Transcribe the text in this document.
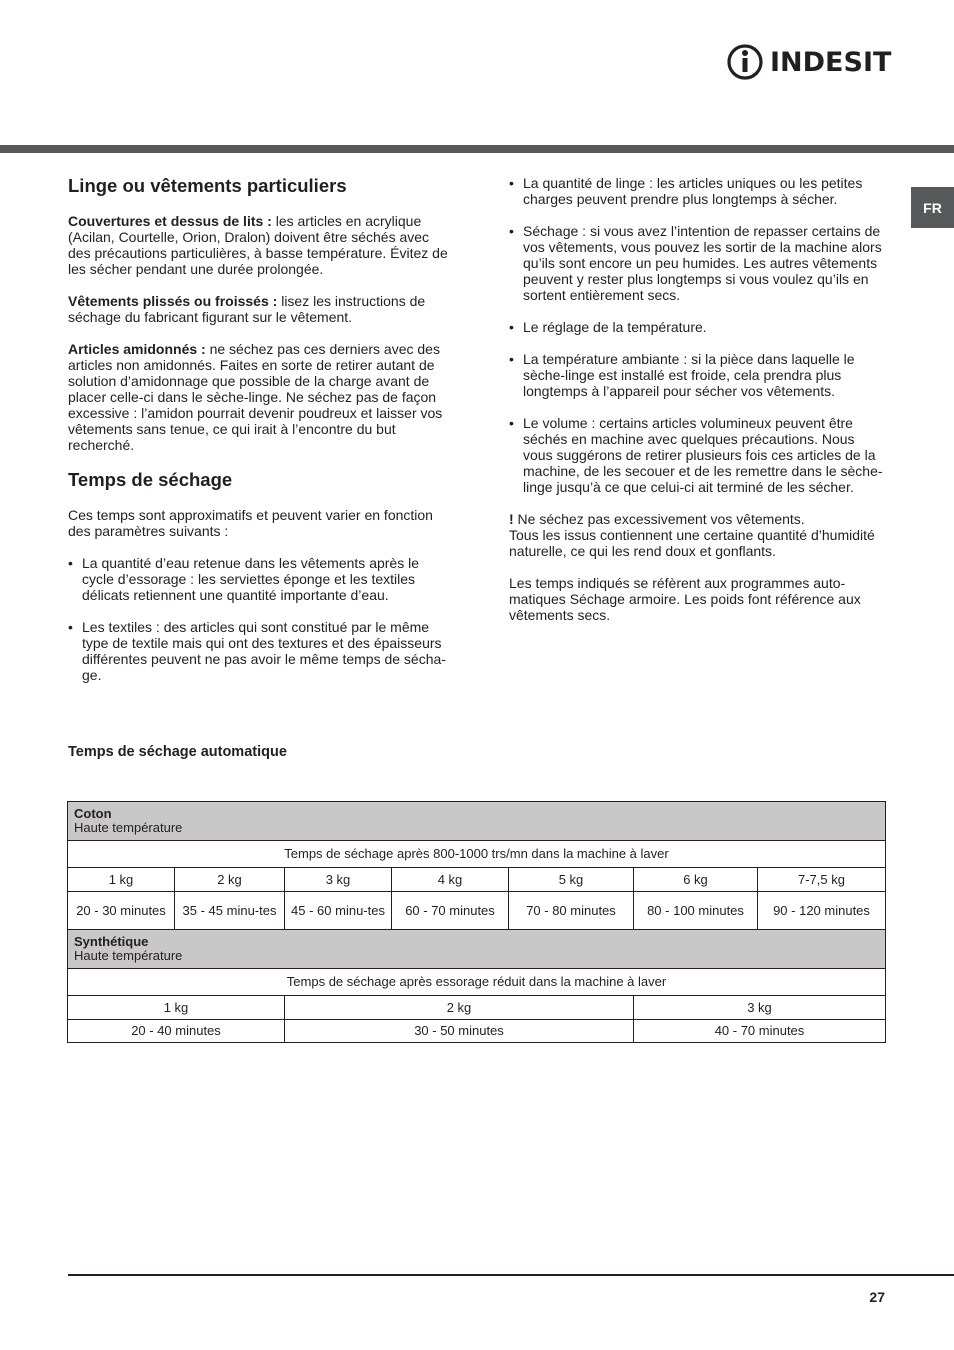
INDESIT
FR
Linge ou vêtements particuliers

Couvertures et dessus de lits : les articles en acrylique (Acilan, Courtelle, Orion, Dralon) doivent être séchés avec des précautions particulières, à basse température. Évitez de les sécher pendant une durée prolongée.

Vêtements plissés ou froissés : lisez les instructions de séchage du fabricant figurant sur le vêtement.

Articles amidonnés : ne séchez pas ces derniers avec des articles non amidonnés. Faites en sorte de retirer autant de solution d’amidonnage que possible de la charge avant de placer celle-ci dans le sèche-linge. Ne séchez pas de façon excessive : l’amidon pourrait devenir poudreux et laisser vos vêtements sans tenue, ce qui irait à l’encontre du but recherché.

Temps de séchage

Ces temps sont approximatifs et peuvent varier en fonction des paramètres suivants :

• La quantité d’eau retenue dans les vêtements après le cycle d’essorage : les serviettes éponge et les textiles délicats retiennent une quantité importante d’eau.
• Les textiles : des articles qui sont constitué par le même type de textile mais qui ont des textures et des épaisseurs différentes peuvent ne pas avoir le même temps de sécha-ge.
• La quantité de linge : les articles uniques ou les petites charges peuvent prendre plus longtemps à sécher.
• Séchage : si vous avez l’intention de repasser certains de vos vêtements, vous pouvez les sortir de la machine alors qu’ils sont encore un peu humides. Les autres vêtements peuvent y rester plus longtemps si vous voulez qu’ils en sortent entièrement secs.
• Le réglage de la température.
• La température ambiante : si la pièce dans laquelle le sèche-linge est installé est froide, cela prendra plus longtemps à l’appareil pour sécher vos vêtements.
• Le volume : certains articles volumineux peuvent être séchés en machine avec quelques précautions. Nous vous suggérons de retirer plusieurs fois ces articles de la machine, de les secouer et de les remettre dans le sèche-linge jusqu’à ce que celui-ci ait terminé de les sécher.

! Ne séchez pas excessivement vos vêtements.
Tous les issus contiennent une certaine quantité d’humidité naturelle, ce qui les rend doux et gonflants.

Les temps indiqués se réfèrent aux programmes auto-matiques Séchage armoire. Les poids font référence aux vêtements secs.

Temps de séchage automatique
Coton
Haute température						

Temps de séchage après 800-1000 trs/mn dans la machine à laver						
1 kg	2 kg	3 kg	4 kg	5 kg	6 kg	7-7,5 kg
20 - 30 minutes	35 - 45 minu-tes	45 - 60 minu-tes	60 - 70 minutes	70 - 80 minutes	80 - 100 minutes	90 - 120 minutes

Synthétique
Haute température						

Temps de séchage après essorage réduit dans la machine à laver						
1 kg		2 kg			3 kg	
20 - 40 minutes		30 - 50 minutes			40 - 70 minutes	
27
